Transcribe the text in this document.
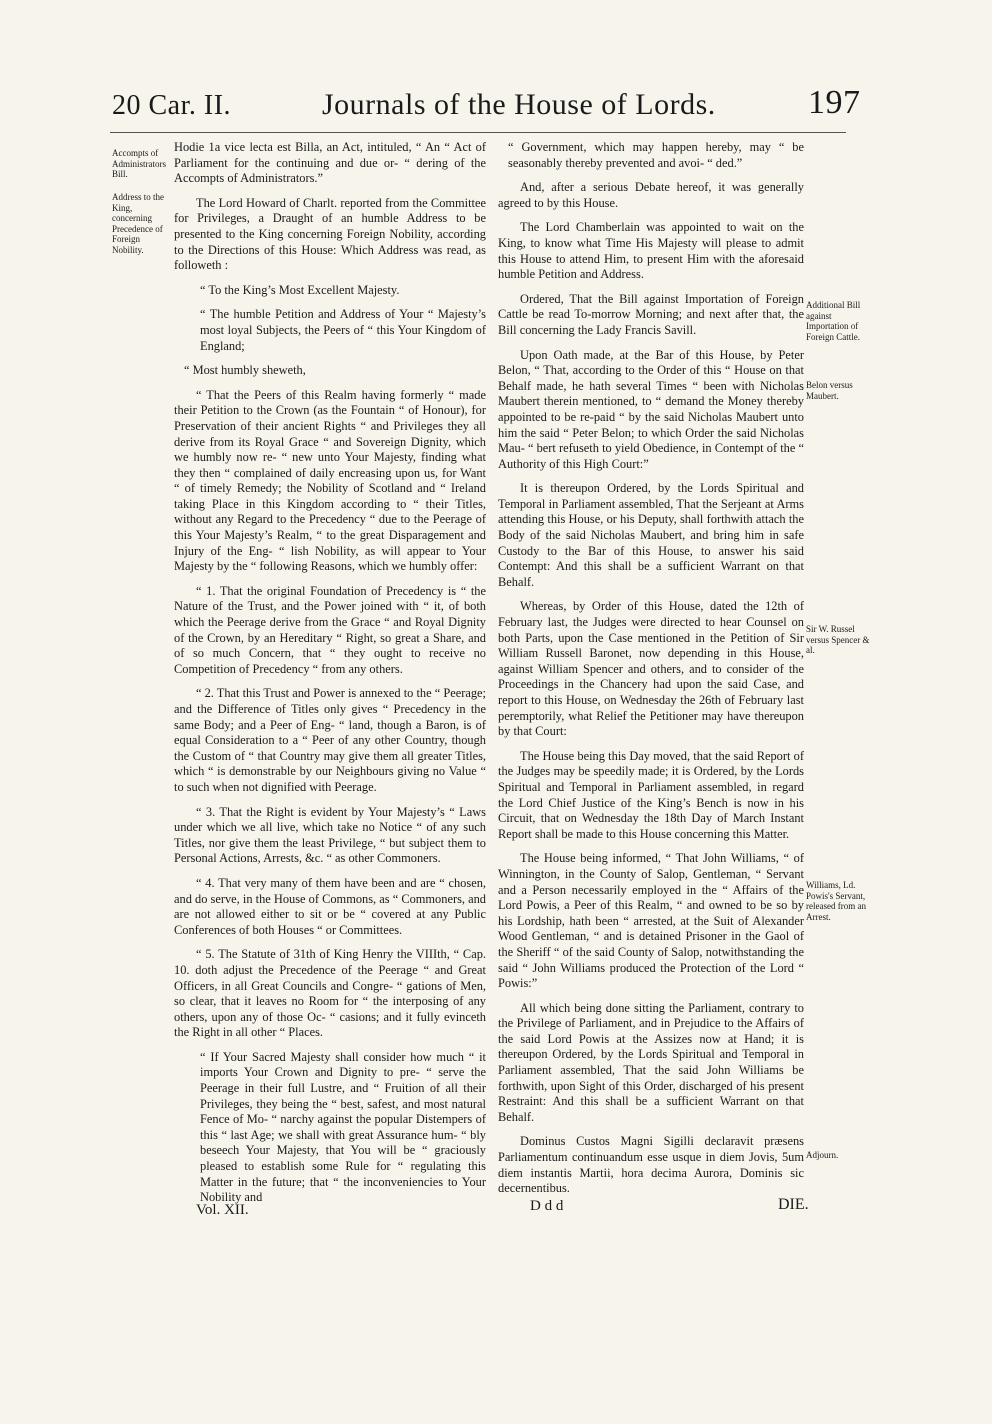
20 Car. II.	Journals of the House of Lords.	197
Accompts of Administrators Bill.
Address to the King, concerning Precedence of Foreign Nobility.
Additional Bill against Importation of Foreign Cattle.
Belon versus Maubert.
Sir W. Russel versus Spencer & al.
Williams, Ld. Powis's Servant, released from an Arrest.
Adjourn.

Hodie 1a vice lecta est Billa, an Act, intituled, “ An “ Act of Parliament for the continuing and due or- “ dering of the Accompts of Administrators.”

The Lord Howard of Charlt. reported from the Committee for Privileges, a Draught of an humble Address to be presented to the King concerning Foreign Nobility, according to the Directions of this House: Which Address was read, as followeth :

“ To the King’s Most Excellent Majesty.

“ The humble Petition and Address of Your “ Majesty’s most loyal Subjects, the Peers of “ this Your Kingdom of England;

“ Most humbly sheweth,

“ That the Peers of this Realm having formerly “ made their Petition to the Crown (as the Fountain “ of Honour), for Preservation of their ancient Rights “ and Privileges they all derive from its Royal Grace “ and Sovereign Dignity, which we humbly now re- “ new unto Your Majesty, finding what they then “ complained of daily encreasing upon us, for Want “ of timely Remedy; the Nobility of Scotland and “ Ireland taking Place in this Kingdom according to “ their Titles, without any Regard to the Precedency “ due to the Peerage of this Your Majesty’s Realm, “ to the great Disparagement and Injury of the Eng- “ lish Nobility, as will appear to Your Majesty by the “ following Reasons, which we humbly offer:

“ 1. That the original Foundation of Precedency is “ the Nature of the Trust, and the Power joined with “ it, of both which the Peerage derive from the Grace “ and Royal Dignity of the Crown, by an Hereditary “ Right, so great a Share, and of so much Concern, that “ they ought to receive no Competition of Precedency “ from any others.

“ 2. That this Trust and Power is annexed to the “ Peerage; and the Difference of Titles only gives “ Precedency in the same Body; and a Peer of Eng- “ land, though a Baron, is of equal Consideration to a “ Peer of any other Country, though the Custom of “ that Country may give them all greater Titles, which “ is demonstrable by our Neighbours giving no Value “ to such when not dignified with Peerage.

“ 3. That the Right is evident by Your Majesty’s “ Laws under which we all live, which take no Notice “ of any such Titles, nor give them the least Privilege, “ but subject them to Personal Actions, Arrests, &c. “ as other Commoners.

“ 4. That very many of them have been and are “ chosen, and do serve, in the House of Commons, as “ Commoners, and are not allowed either to sit or be “ covered at any Public Conferences of both Houses “ or Committees.

“ 5. The Statute of 31th of King Henry the VIIIth, “ Cap. 10. doth adjust the Precedence of the Peerage “ and Great Officers, in all Great Councils and Congre- “ gations of Men, so clear, that it leaves no Room for “ the interposing of any others, upon any of those Oc- “ casions; and it fully evinceth the Right in all other “ Places.

“ If Your Sacred Majesty shall consider how much “ it imports Your Crown and Dignity to pre- “ serve the Peerage in their full Lustre, and “ Fruition of all their Privileges, they being the “ best, safest, and most natural Fence of Mo- “ narchy against the popular Distempers of this “ last Age; we shall with great Assurance hum- “ bly beseech Your Majesty, that You will be “ graciously pleased to establish some Rule for “ regulating this Matter in the future; that “ the inconveniencies to Your Nobility and

“ Government, which may happen hereby, may “ be seasonably thereby prevented and avoi- “ ded.”

And, after a serious Debate hereof, it was generally agreed to by this House.

The Lord Chamberlain was appointed to wait on the King, to know what Time His Majesty will please to admit this House to attend Him, to present Him with the aforesaid humble Petition and Address.

Ordered, That the Bill against Importation of Foreign Cattle be read To-morrow Morning; and next after that, the Bill concerning the Lady Francis Savill.

Upon Oath made, at the Bar of this House, by Peter Belon, “ That, according to the Order of this “ House on that Behalf made, he hath several Times “ been with Nicholas Maubert therein mentioned, to “ demand the Money thereby appointed to be re-paid “ by the said Nicholas Maubert unto him the said “ Peter Belon; to which Order the said Nicholas Mau- “ bert refuseth to yield Obedience, in Contempt of the “ Authority of this High Court:”

It is thereupon Ordered, by the Lords Spiritual and Temporal in Parliament assembled, That the Serjeant at Arms attending this House, or his Deputy, shall forthwith attach the Body of the said Nicholas Maubert, and bring him in safe Custody to the Bar of this House, to answer his said Contempt: And this shall be a sufficient Warrant on that Behalf.

Whereas, by Order of this House, dated the 12th of February last, the Judges were directed to hear Counsel on both Parts, upon the Case mentioned in the Petition of Sir William Russell Baronet, now depending in this House, against William Spencer and others, and to consider of the Proceedings in the Chancery had upon the said Case, and report to this House, on Wednesday the 26th of February last peremptorily, what Relief the Petitioner may have thereupon by that Court:

The House being this Day moved, that the said Report of the Judges may be speedily made; it is Ordered, by the Lords Spiritual and Temporal in Parliament assembled, in regard the Lord Chief Justice of the King’s Bench is now in his Circuit, that on Wednesday the 18th Day of March Instant Report shall be made to this House concerning this Matter.

The House being informed, “ That John Williams, “ of Winnington, in the County of Salop, Gentleman, “ Servant and a Person necessarily employed in the “ Affairs of the Lord Powis, a Peer of this Realm, “ and owned to be so by his Lordship, hath been “ arrested, at the Suit of Alexander Wood Gentleman, “ and is detained Prisoner in the Gaol of the Sheriff “ of the said County of Salop, notwithstanding the said “ John Williams produced the Protection of the Lord “ Powis:”

All which being done sitting the Parliament, contrary to the Privilege of Parliament, and in Prejudice to the Affairs of the said Lord Powis at the Assizes now at Hand; it is thereupon Ordered, by the Lords Spiritual and Temporal in Parliament assembled, That the said John Williams be forthwith, upon Sight of this Order, discharged of his present Restraint: And this shall be a sufficient Warrant on that Behalf.

Dominus Custos Magni Sigilli declaravit præsens Parliamentum continuandum esse usque in diem Jovis, 5um diem instantis Martii, hora decima Aurora, Dominis sic decernentibus.

Vol. XII.	D d d	DIE.
